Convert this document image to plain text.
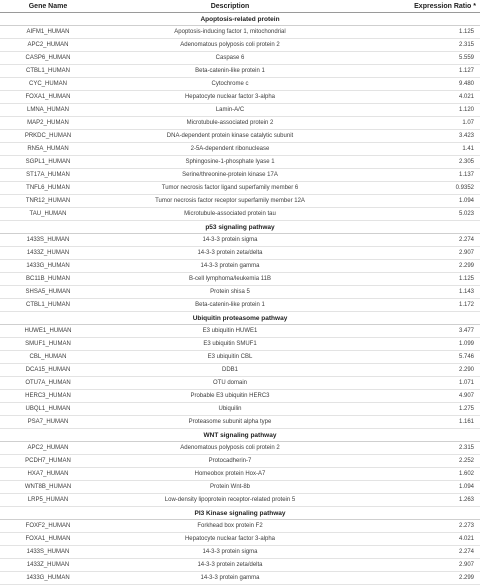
Gene Name	Description	Expression Ratio *
Apoptosis-related protein		
AIFM1_HUMAN	Apoptosis-inducing factor 1, mitochondrial	1.125
APC2_HUMAN	Adenomatous polyposis coli protein 2	2.315
CASP6_HUMAN	Caspase 6	5.559
CTBL1_HUMAN	Beta-catenin-like protein 1	1.127
CYC_HUMAN	Cytochrome c	9.480
FOXA1_HUMAN	Hepatocyte nuclear factor 3-alpha	4.021
LMNA_HUMAN	Lamin-A/C	1.120
MAP2_HUMAN	Microtubule-associated protein 2	1.07
PRKDC_HUMAN	DNA-dependent protein kinase catalytic subunit	3.423
RN5A_HUMAN	2-5A-dependent ribonuclease	1.41
SGPL1_HUMAN	Sphingosine-1-phosphate lyase 1	2.305
ST17A_HUMAN	Serine/threonine-protein kinase 17A	1.137
TNFL6_HUMAN	Tumor necrosis factor ligand superfamily member 6	0.9352
TNR12_HUMAN	Tumor necrosis factor receptor superfamily member 12A	1.094
TAU_HUMAN	Microtubule-associated protein tau	5.023
p53 signaling pathway		
1433S_HUMAN	14-3-3 protein sigma	2.274
1433Z_HUMAN	14-3-3 protein zeta/delta	2.907
1433G_HUMAN	14-3-3 protein gamma	2.299
BC11B_HUMAN	B-cell lymphoma/leukemia 11B	1.125
SHSA5_HUMAN	Protein shisa 5	1.143
CTBL1_HUMAN	Beta-catenin-like protein 1	1.172
Ubiquitin proteasome pathway		
HUWE1_HUMAN	E3 ubiquitin HUWE1	3.477
SMUF1_HUMAN	E3 ubiquitin SMUF1	1.099
CBL_HUMAN	E3 ubiquitin CBL	5.746
DCA15_HUMAN	DDB1	2.290
OTU7A_HUMAN	OTU domain	1.071
HERC3_HUMAN	Probable E3 ubiquitin HERC3	4.907
UBQL1_HUMAN	Ubiquilin	1.275
PSA7_HUMAN	Proteasome subunit alpha type	1.161
WNT signaling pathway		
APC2_HUMAN	Adenomatous polyposis coli protein 2	2.315
PCDH7_HUMAN	Protocadherin-7	2.252
HXA7_HUMAN	Homeobox protein Hox-A7	1.602
WNT8B_HUMAN	Protein Wnt-8b	1.094
LRP5_HUMAN	Low-density lipoprotein receptor-related protein 5	1.263
PI3 Kinase signaling pathway		
FOXF2_HUMAN	Forkhead box protein F2	2.273
FOXA1_HUMAN	Hepatocyte nuclear factor 3-alpha	4.021
1433S_HUMAN	14-3-3 protein sigma	2.274
1433Z_HUMAN	14-3-3 protein zeta/delta	2.907
1433G_HUMAN	14-3-3 protein gamma	2.299
